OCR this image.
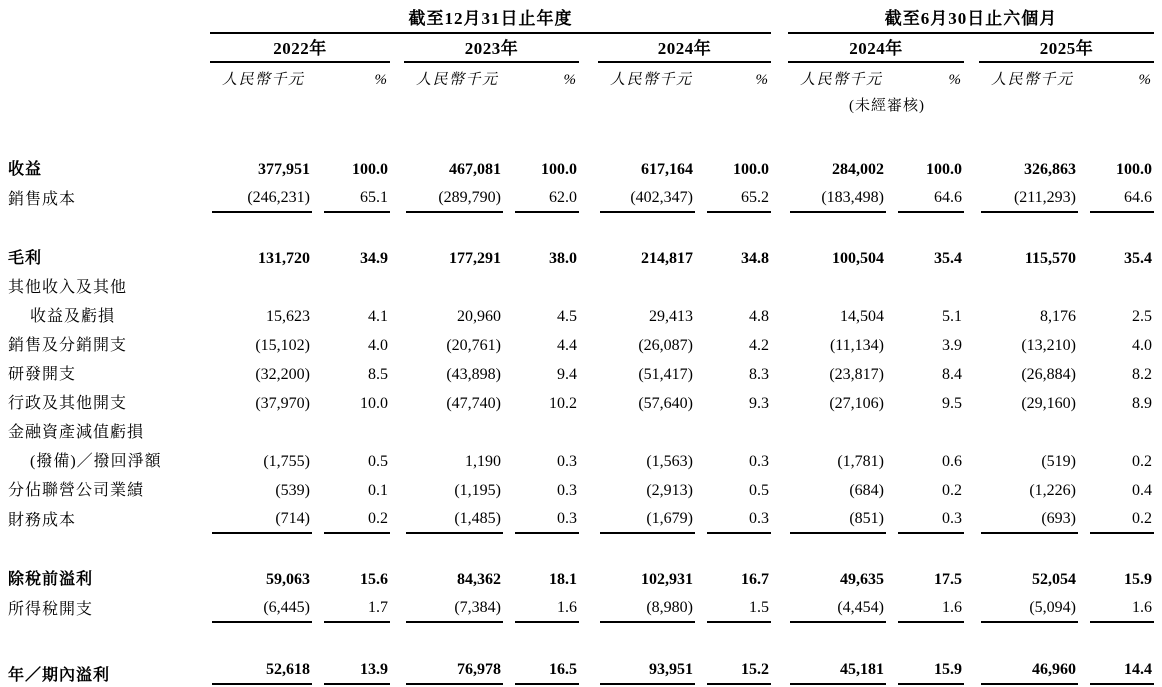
	截至12月31日止年度									截至6月30日止六個月					
	2022年			2023年			2024年			2024年			2025年		
	人民幣千元	%		人民幣千元	%		人民幣千元	%		人民幣千元	%		人民幣千元	%	
										(未經審核)					
收益	377,951	100.0		467,081	100.0		617,164	100.0		284,002	100.0		326,863	100.0	

銷售成本	(246,231)	65.1		(289,790)	62.0		(402,347)	65.2		(183,498)	64.6		(211,293)	64.6	

毛利	131,720	34.9		177,291	38.0		214,817	34.8		100,504	35.4		115,570	35.4	

其他收入及其他	

收益及虧損	15,623	4.1		20,960	4.5		29,413	4.8		14,504	5.1		8,176	2.5	

銷售及分銷開支	(15,102)	4.0		(20,761)	4.4		(26,087)	4.2		(11,134)	3.9		(13,210)	4.0	

研發開支	(32,200)	8.5		(43,898)	9.4		(51,417)	8.3		(23,817)	8.4		(26,884)	8.2	

行政及其他開支	(37,970)	10.0		(47,740)	10.2		(57,640)	9.3		(27,106)	9.5		(29,160)	8.9	

金融資產減值虧損	

(撥備)／撥回淨額	(1,755)	0.5		1,190	0.3		(1,563)	0.3		(1,781)	0.6		(519)	0.2	

分佔聯營公司業績	(539)	0.1		(1,195)	0.3		(2,913)	0.5		(684)	0.2		(1,226)	0.4	

財務成本	(714)	0.2		(1,485)	0.3		(1,679)	0.3		(851)	0.3		(693)	0.2	

除稅前溢利	59,063	15.6		84,362	18.1		102,931	16.7		49,635	17.5		52,054	15.9	

所得稅開支	(6,445)	1.7		(7,384)	1.6		(8,980)	1.5		(4,454)	1.6		(5,094)	1.6	

年／期內溢利	52,618	13.9		76,978	16.5		93,951	15.2		45,181	15.9		46,960	14.4	
